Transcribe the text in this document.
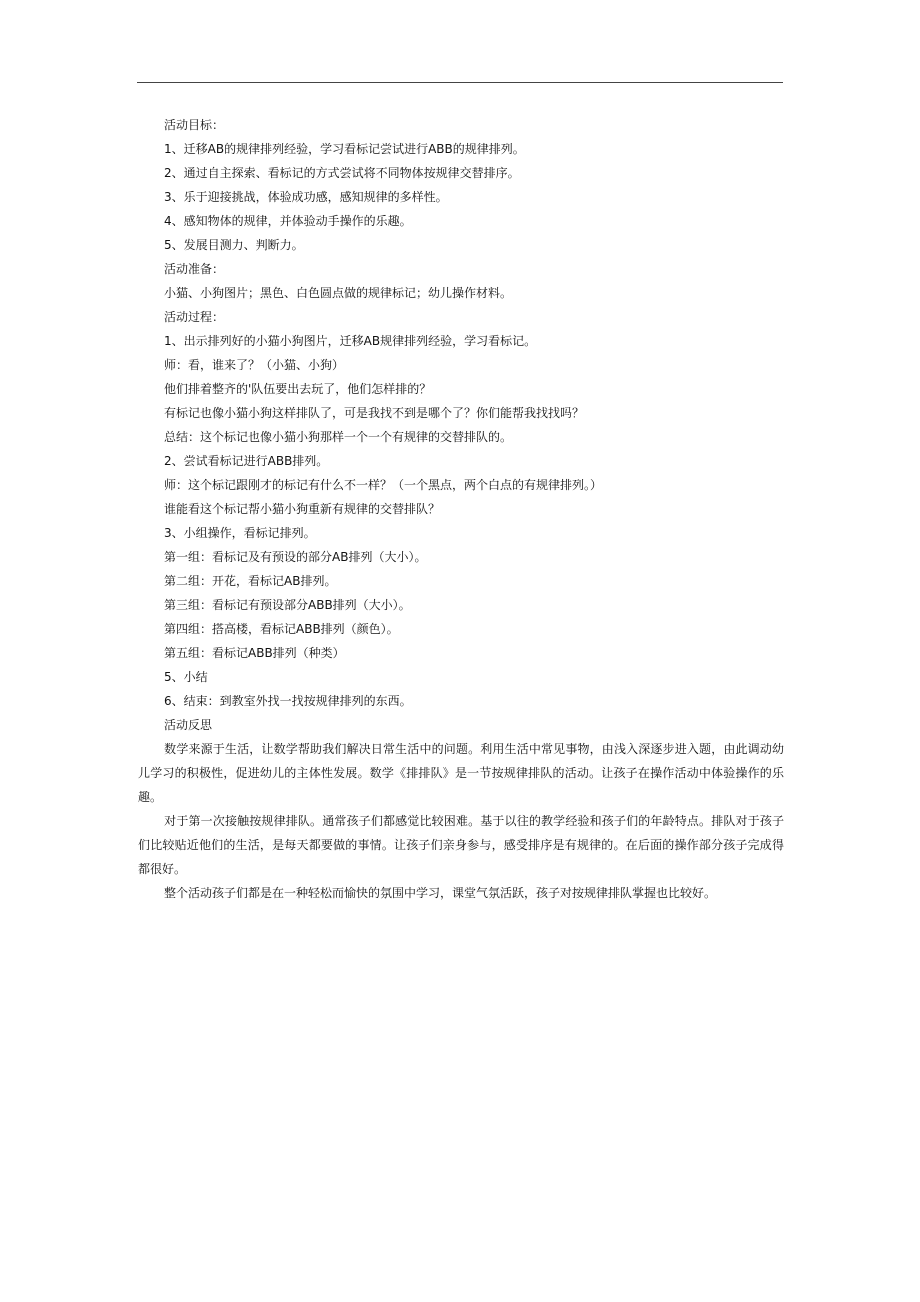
活动目标：
1、迁移AB的规律排列经验，学习看标记尝试进行ABB的规律排列。
2、通过自主探索、看标记的方式尝试将不同物体按规律交替排序。
3、乐于迎接挑战，体验成功感，感知规律的多样性。
4、感知物体的规律，并体验动手操作的乐趣。
5、发展目测力、判断力。
活动准备：
小猫、小狗图片；黑色、白色圆点做的规律标记；幼儿操作材料。
活动过程：
1、出示排列好的小猫小狗图片，迁移AB规律排列经验，学习看标记。
师：看，谁来了？（小猫、小狗）
他们排着整齐的'队伍要出去玩了，他们怎样排的？
有标记也像小猫小狗这样排队了，可是我找不到是哪个了？你们能帮我找找吗？
总结：这个标记也像小猫小狗那样一个一个有规律的交替排队的。
2、尝试看标记进行ABB排列。
师：这个标记跟刚才的标记有什么不一样？（一个黑点，两个白点的有规律排列。）
谁能看这个标记帮小猫小狗重新有规律的交替排队？
3、小组操作，看标记排列。
第一组：看标记及有预设的部分AB排列（大小）。
第二组：开花，看标记AB排列。
第三组：看标记有预设部分ABB排列（大小）。
第四组：搭高楼，看标记ABB排列（颜色）。
第五组：看标记ABB排列（种类）
5、小结
6、结束：到教室外找一找按规律排列的东西。
活动反思

数学来源于生活，让数学帮助我们解决日常生活中的问题。利用生活中常见事物，由浅入深逐步进入题，由此调动幼儿学习的积极性，促进幼儿的主体性发展。数学《排排队》是一节按规律排队的活动。让孩子在操作活动中体验操作的乐趣。

对于第一次接触按规律排队。通常孩子们都感觉比较困难。基于以往的教学经验和孩子们的年龄特点。排队对于孩子们比较贴近他们的生活，是每天都要做的事情。让孩子们亲身参与，感受排序是有规律的。在后面的操作部分孩子完成得都很好。

整个活动孩子们都是在一种轻松而愉快的氛围中学习，课堂气氛活跃，孩子对按规律排队掌握也比较好。
